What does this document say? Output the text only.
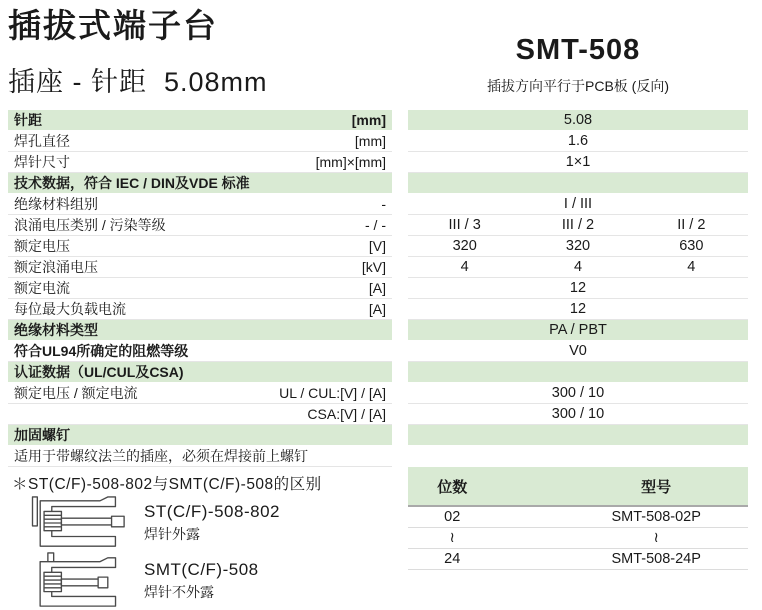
插拔式端子台
插座 - 针距  5.08mm
SMT-508
插拔方向平行于PCB板 (反向)
针距	[mm]	5.08
焊孔直径	[mm]	1.6
焊针尺寸	[mm]×[mm]	1×1
技术数据，符合 IEC / DIN及VDE 标准
绝缘材料组别	-	I / III
浪涌电压类别 / 污染等级	- / -	III / 3	III / 2	II / 2
额定电压	[V]	320	320	630
额定浪涌电压	[kV]	4	4	4
额定电流	[A]	12
每位最大负载电流	[A]	12
绝缘材料类型	PA / PBT
符合UL94所确定的阻燃等级	V0
认证数据（UL/CUL及CSA)
额定电压 / 额定电流	UL / CUL:[V] / [A]	300 / 10
CSA:[V] / [A]	300 / 10
加固螺钉
适用于带螺纹法兰的插座，必须在焊接前上螺钉
＊ST(C/F)-508-802与SMT(C/F)-508的区别
ST(C/F)-508-802
焊针外露
SMT(C/F)-508
焊针不外露
位数	型号
02	SMT-508-02P
≀	≀
24	SMT-508-24P
